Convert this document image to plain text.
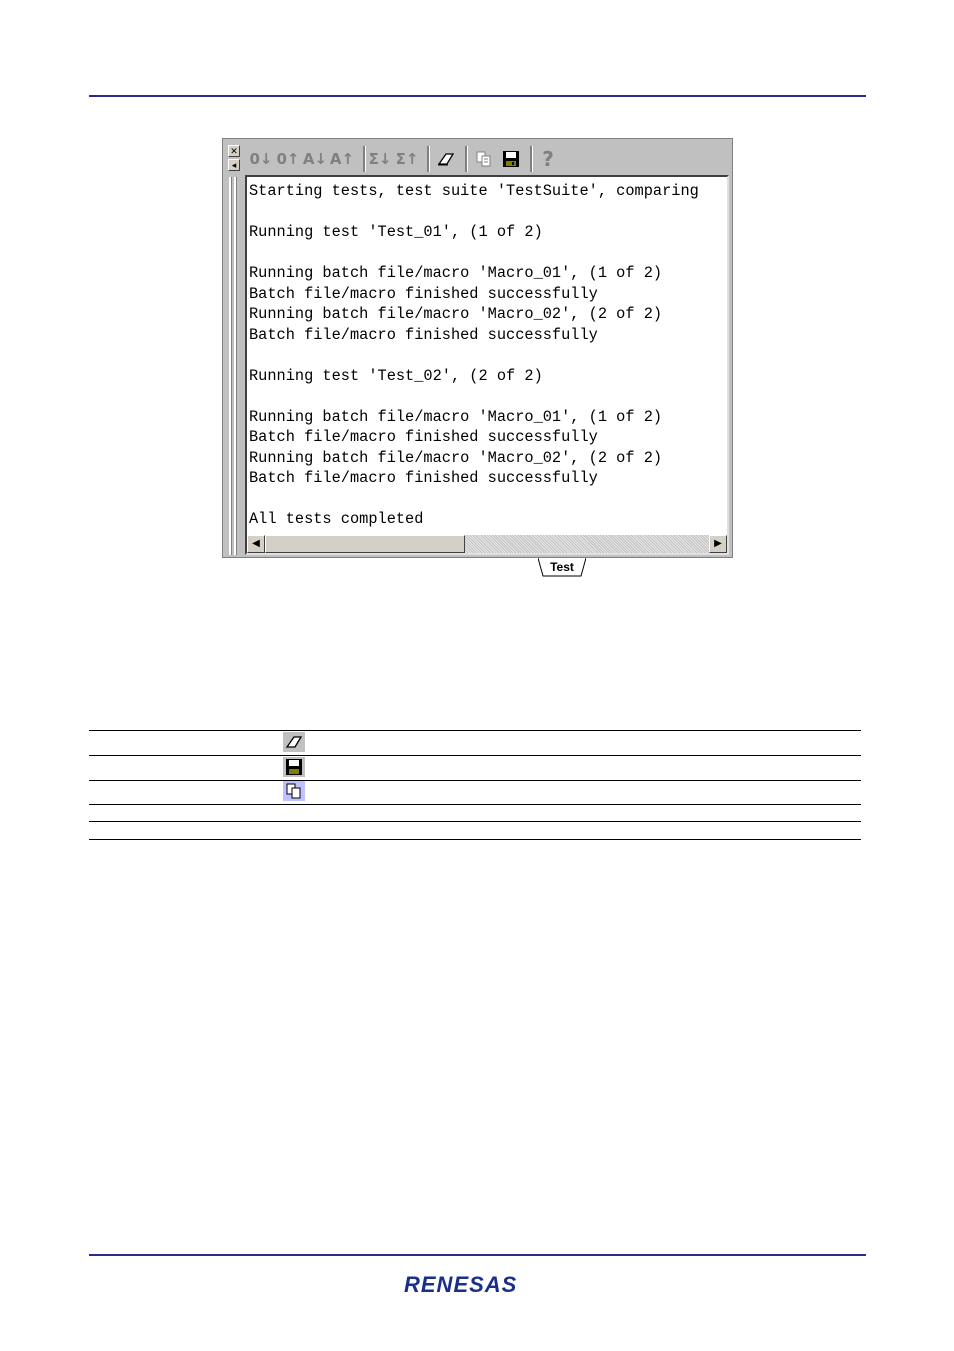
✕
◂ 0↓ 0↑ A↓ A↑ Σ↓ Σ↑	?
Starting tests, test suite 'TestSuite', comparing

Running test 'Test_01', (1 of 2)

Running batch file/macro 'Macro_01', (1 of 2)
Batch file/macro finished successfully
Running batch file/macro 'Macro_02', (2 of 2)
Batch file/macro finished successfully

Running test 'Test_02', (2 of 2)

Running batch file/macro 'Macro_01', (1 of 2)
Batch file/macro finished successfully
Running batch file/macro 'Macro_02', (2 of 2)
Batch file/macro finished successfully

All tests completed
◀	▶
Test
RENESAS
